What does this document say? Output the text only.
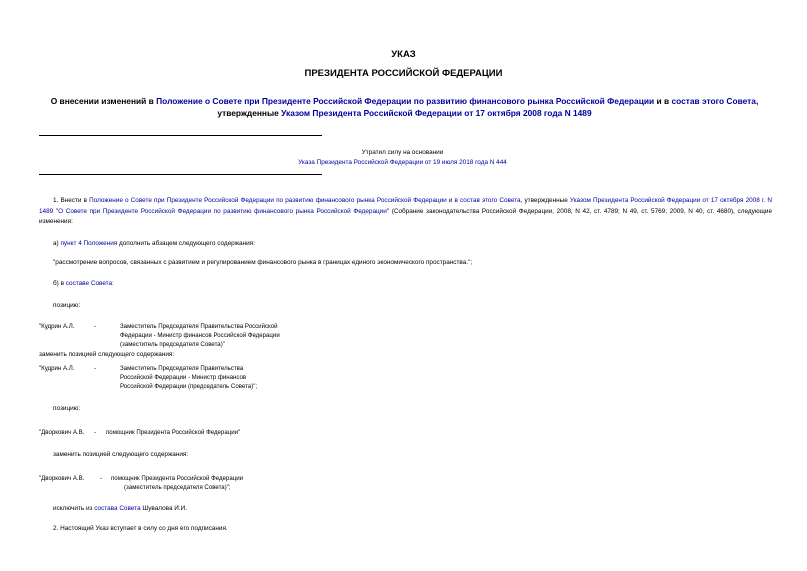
УКАЗ
ПРЕЗИДЕНТА РОССИЙСКОЙ ФЕДЕРАЦИИ
О внесении изменений в Положение о Совете при Президенте Российской Федерации по развитию финансового рынка Российской Федерации и в состав этого Совета, утвержденные Указом Президента Российской Федерации от 17 октября 2008 года N 1489
Утратил силу на основании
Указа Президента Российской Федерации от 19 июля 2018 года N 444
1. Внести в Положение о Совете при Президенте Российской Федерации по развитию финансового рынка Российской Федерации и в состав этого Совета, утвержденные Указом Президента Российской Федерации от 17 октября 2008 г. N 1489 "О Совете при Президенте Российской Федерации по развитию финансового рынка Российской Федерации" (Собрание законодательства Российской Федерации, 2008, N 42, ст. 4789; N 49, ст. 5769; 2009, N 40, ст. 4680), следующие изменения:
а) пункт 4 Положения дополнить абзацем следующего содержания:
"рассмотрение вопросов, связанных с развитием и регулированием финансового рынка в границах единого экономического пространства.";
б) в составе Совета:
позицию:
"Кудрин А.Л.	-	Заместитель Председателя Правительства Российской
Федерации - Министр финансов Российской Федерации
(заместитель председателя Совета)"
заменить позицией следующего содержания:
"Кудрин А.Л.	-	Заместитель Председателя Правительства
Российской Федерации - Министр финансов
Российской Федерации (председатель Совета)";
позицию:
"Дворкович А.В. - помощник Президента Российской Федерации"
заменить позицией следующего содержания:
"Дворкович А.В.	- помощник Президента Российской Федерации
(заместитель председателя Совета)";
исключить из состава Совета Шувалова И.И.
2. Настоящий Указ вступает в силу со дня его подписания.
